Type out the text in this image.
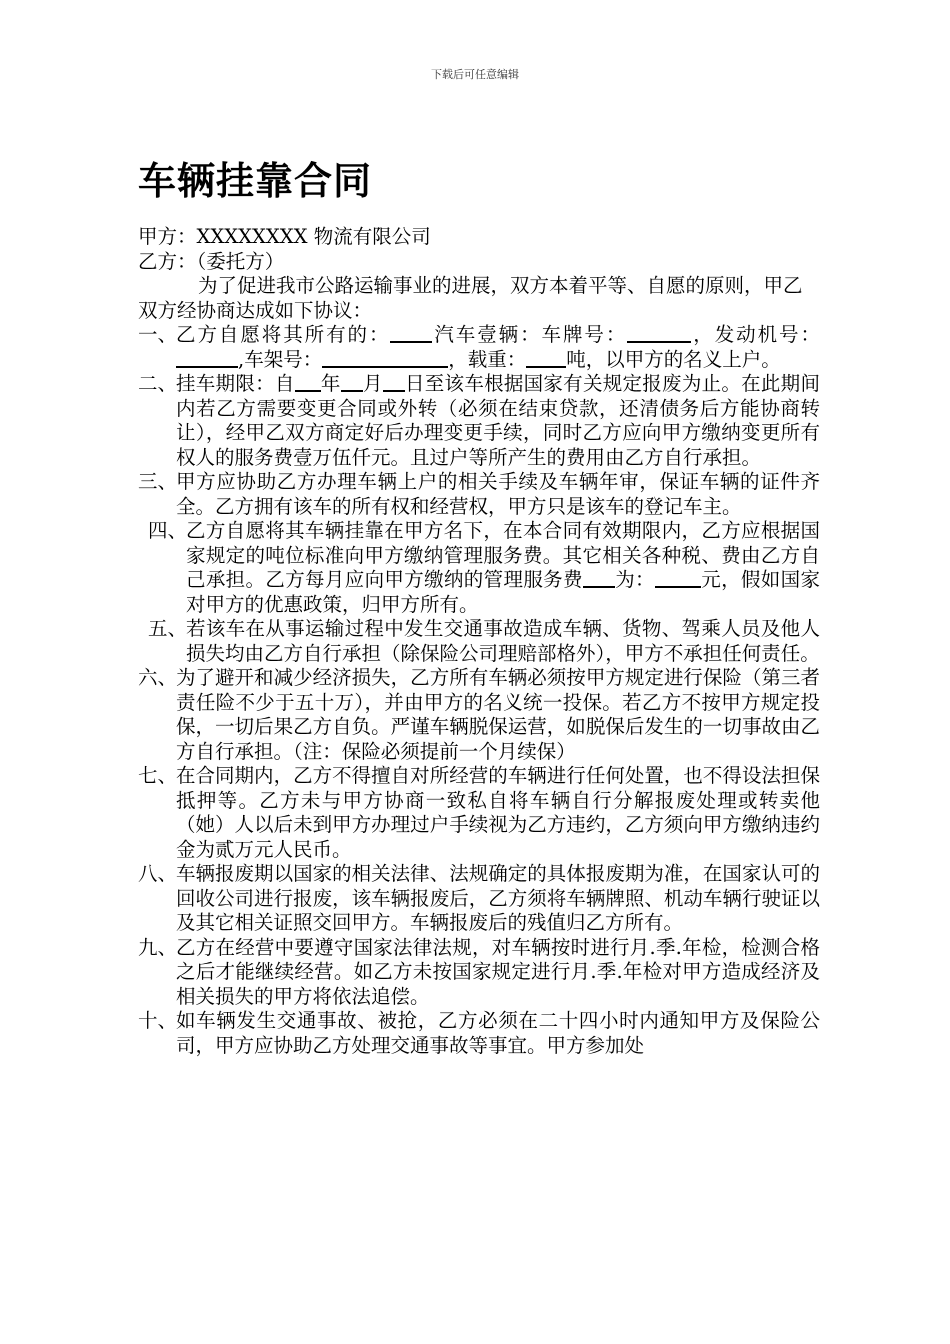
下载后可任意编辑
车辆挂靠合同
甲方：XXXXXXXX 物流有限公司
乙方：（委托方）
为了促进我市公路运输事业的进展，双方本着平等、自愿的原则，甲乙双方经协商达成如下协议：
一、
乙方自愿将其所有的： 汽车壹辆：车牌号：	，发动机号：,车架号：	，载重： 吨，以甲方的名义上户。
二、
挂车期限：自 年 月 日至该车根据国家有关规定报废为止。在此期间内若乙方需要变更合同或外转（必须在结束贷款，还清债务后方能协商转让），经甲乙双方商定好后办理变更手续，同时乙方应向甲方缴纳变更所有权人的服务费壹万伍仟元。且过户等所产生的费用由乙方自行承担。
三、
甲方应协助乙方办理车辆上户的相关手续及车辆年审，保证车辆的证件齐全。乙方拥有该车的所有权和经营权，甲方只是该车的登记车主。
四、
乙方自愿将其车辆挂靠在甲方名下，在本合同有效期限内，乙方应根据国家规定的吨位标准向甲方缴纳管理服务费。其它相关各种税、费由乙方自己承担。乙方每月应向甲方缴纳的管理服务费 为： 元，假如国家对甲方的优惠政策，归甲方所有。
五、
若该车在从事运输过程中发生交通事故造成车辆、货物、驾乘人员及他人损失均由乙方自行承担（除保险公司理赔部格外），甲方不承担任何责任。
六、
为了避开和减少经济损失，乙方所有车辆必须按甲方规定进行保险（第三者责任险不少于五十万），并由甲方的名义统一投保。若乙方不按甲方规定投保，一切后果乙方自负。严谨车辆脱保运营，如脱保后发生的一切事故由乙方自行承担。（注：保险必须提前一个月续保）
七、
在合同期内，乙方不得擅自对所经营的车辆进行任何处置，也不得设法担保抵押等。乙方未与甲方协商一致私自将车辆自行分解报废处理或转卖他（她）人以后未到甲方办理过户手续视为乙方违约，乙方须向甲方缴纳违约金为贰万元人民币。
八、
车辆报废期以国家的相关法律、法规确定的具体报废期为准，在国家认可的回收公司进行报废，该车辆报废后，乙方须将车辆牌照、机动车辆行驶证以及其它相关证照交回甲方。车辆报废后的残值归乙方所有。
九、
乙方在经营中要遵守国家法律法规，对车辆按时进行月.季.年检，检测合格之后才能继续经营。如乙方未按国家规定进行月.季.年检对甲方造成经济及相关损失的甲方将依法追偿。
十、
如车辆发生交通事故、被抢，乙方必须在二十四小时内通知甲方及保险公司，甲方应协助乙方处理交通事故等事宜。甲方参加处
